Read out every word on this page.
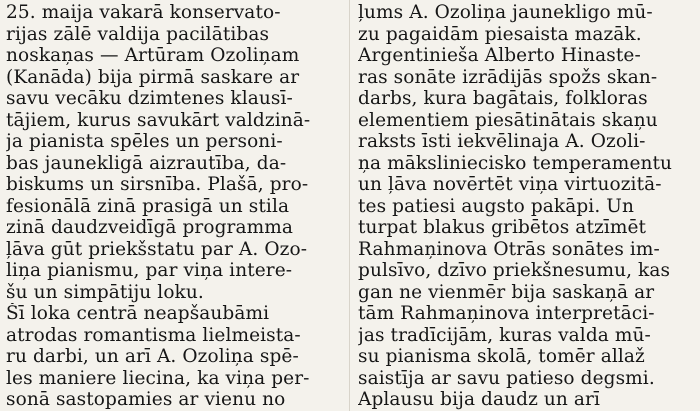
25. maija vakarā konservato-
rijas zālē valdija pacilātibas
noskaņas — Artūram Ozoliņam
(Kanāda) bija pirmā saskare ar
savu vecāku dzimtenes klausī-
tājiem, kurus savukārt valdzinā-
ja pianista spēles un personi-
bas jaunekligā aizrautība, da-
biskums un sirsnība. Plašā, pro-
fesionālā zinā prasigā un stila
zinā daudzveidīgā programma
ļāva gūt priekšstatu par A. Ozo-
liņa pianismu, par viņa intere-
šu un simpātiju loku.
Šī loka centrā neapšaubāmi
atrodas romantisma lielmeistа-
ru darbi, un arī A. Ozoliņa spē-
les maniere liecina, ka viņa per-
sonā sastopamies ar vienu no
ļums A. Ozoliņa jaunekligo mū-
zu pagaidām piesaista mazāk.
Argentinieša Alberto Hinaste-
ras sonāte izrādijās spožs skan-
darbs, kura bagātais, folkloras
elementiem piesātinātais skaņu
raksts īsti iekvēlinaja A. Ozoli-
ņa mākslinieciskо temperamentu
un ļāva novērtēt viņa virtuozitā-
tes patiesi augsto pakāpi. Un
turpat blakus gribētos atzīmēt
Rahmaņinova Otrās sonātes im-
pulsīvo, dzīvo priekšnesumu, kas
gan ne vienmēr bija saskaņā ar
tām Rahmaņinova interpretāci-
jas tradīcijām, kuras valda mū-
su pianisma skolā, tomēr allaž
saistīja ar savu patieso degsmi.
Aplausu bija daudz un arī
